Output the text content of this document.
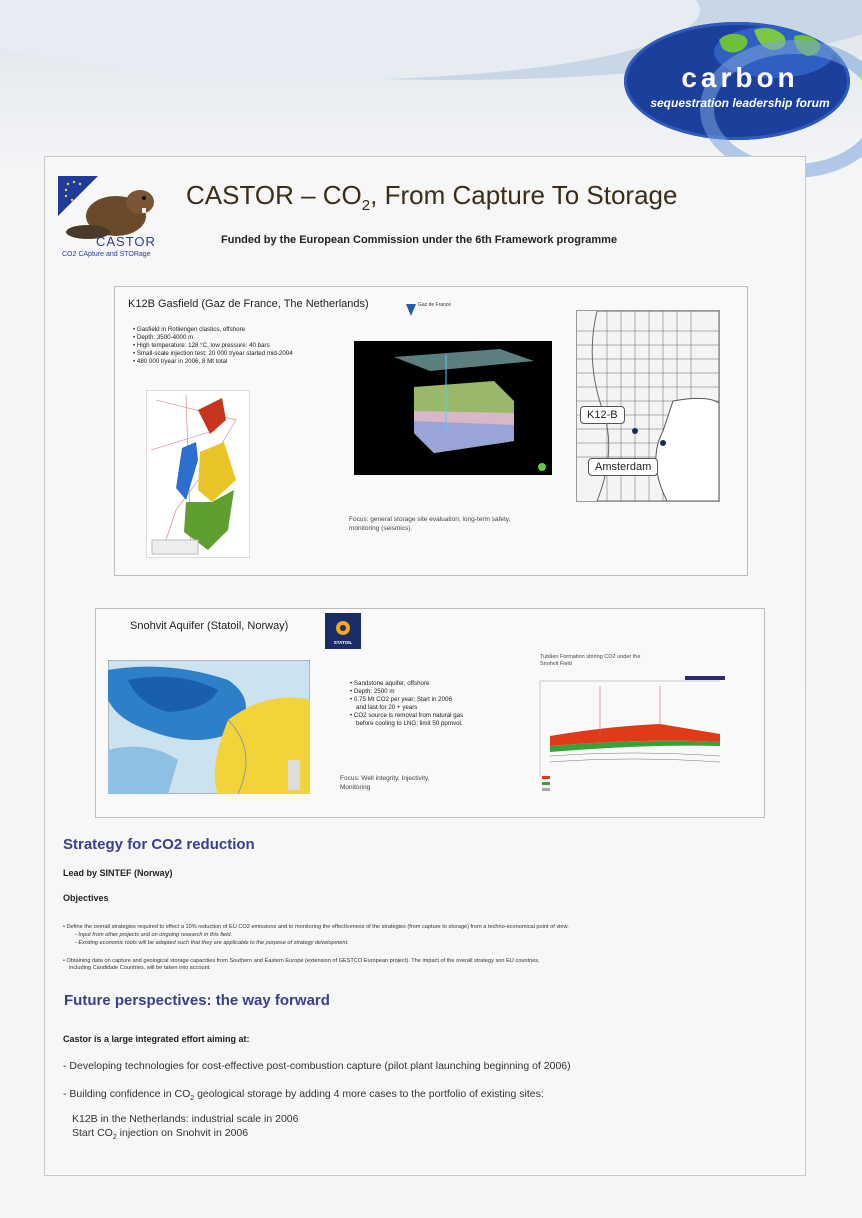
carbon
sequestration leadership forum
CASTOR
CO2 CApture and STORage
CASTOR – $CO_2$, From Capture To Storage
Funded by the European Commission under the 6th Framework programme
K12B Gasfield (Gaz de France, The Netherlands)	Gaz de France
• Gasfield in Rotliengen clastics, offshore
• Depth: 3500-4000 m
• High temperature: 128 °C, low pressure: 40 bars
• Small-scale injection test: 20 000 t/year started mid-2004
• 480 000 t/year in 2006, 8 Mt total
Focus: general storage site evaluation; long-term safety, monitoring (seismics).
K12-B
Amsterdam
Snohvit Aquifer (Statoil, Norway)
STATOIL
• Sandstone aquifer, offshore
• Depth: 2500 m
• 0.75 Mt CO2 per year; Start in 2006
and last for 20 + years
• CO2 source is removal from natural gas
before cooling to LNG; limit 50 ppmvol.
Focus: Well integrity, Injectivity, Monitoring
Tubåen Formation storing CO2 under the Snohvit Field
Strategy for CO2 reduction
Lead by SINTEF (Norway)
Objectives
• Define the overall strategies required to effect a 10% reduction of EU CO2 emissions and to monitoring the effectiveness of the strategies (from capture to storage) from a techno-economical point of view.
- Input from other projects and on ongoing research in this field.
- Existing economic tools will be adapted such that they are applicable to the purpose of strategy development.
• Obtaining data on capture and geological storage capacities from Southern and Eastern Europe (extension of GESTCO European project). The impact of the overall strategy son EU countries,
including Candidate Countries, will be taken into account.
Future perspectives: the way forward
Castor is a large integrated effort aiming at:
- Developing technologies for cost-effective post-combustion capture (pilot plant launching beginning of 2006)
- Building confidence in $CO_2$ geological storage by adding 4 more cases to the portfolio of existing sites:
K12B in the Netherlands: industrial scale in 2006
Start $CO_2$ injection on Snohvit in 2006
